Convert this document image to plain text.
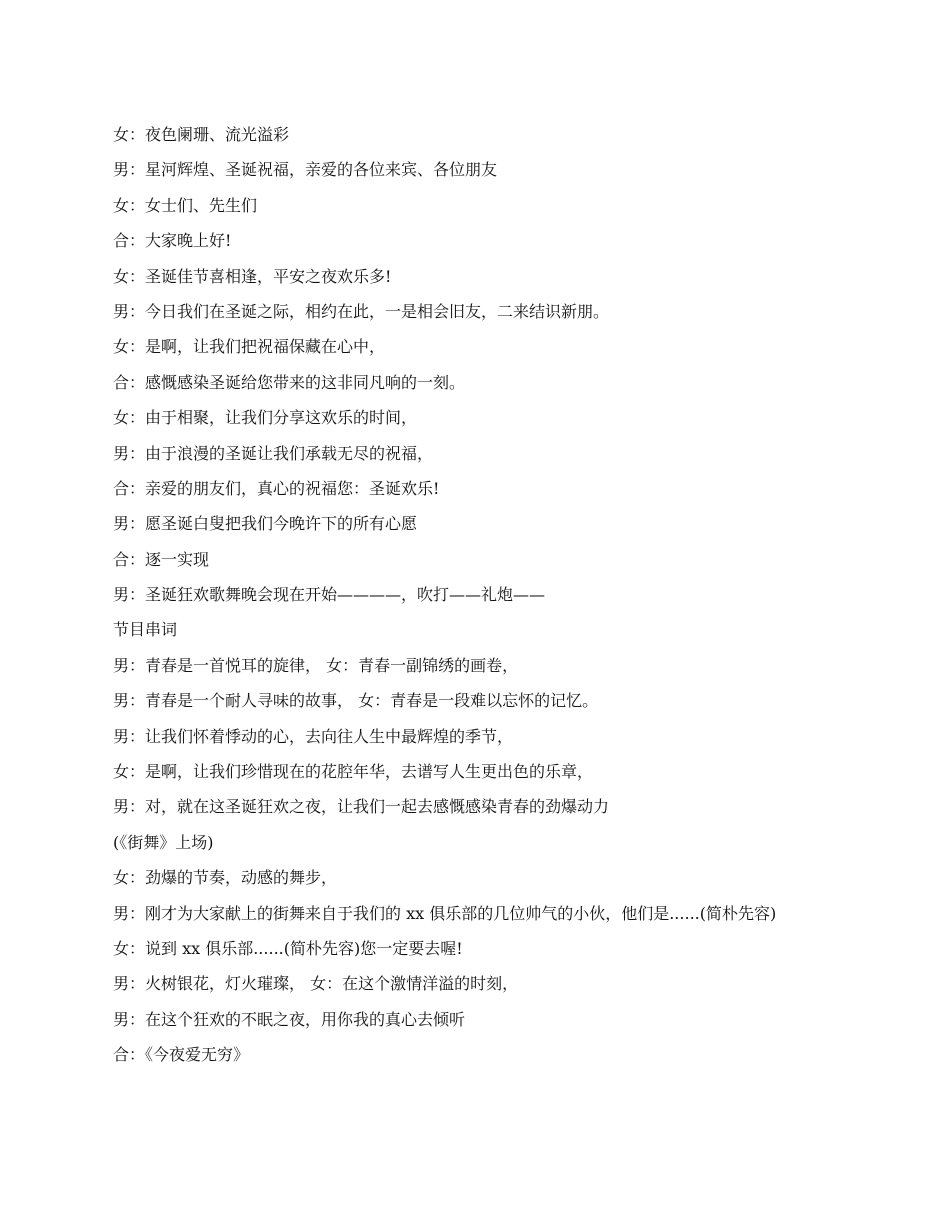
女：夜色阑珊、流光溢彩

男：星河辉煌、圣诞祝福，亲爱的各位来宾、各位朋友

女：女士们、先生们

合：大家晚上好!

女：圣诞佳节喜相逢，平安之夜欢乐多!

男：今日我们在圣诞之际，相约在此，一是相会旧友，二来结识新朋。

女：是啊，让我们把祝福保藏在心中，

合：感慨感染圣诞给您带来的这非同凡响的一刻。

女：由于相聚，让我们分享这欢乐的时间，

男：由于浪漫的圣诞让我们承载无尽的祝福，

合：亲爱的朋友们，真心的祝福您：圣诞欢乐!

男：愿圣诞白叟把我们今晚许下的所有心愿

合：逐一实现

男：圣诞狂欢歌舞晚会现在开始————，吹打——礼炮——

节目串词

男：青春是一首悦耳的旋律， 女：青春一副锦绣的画卷，

男：青春是一个耐人寻味的故事， 女：青春是一段难以忘怀的记忆。

男：让我们怀着悸动的心，去向往人生中最辉煌的季节，

女：是啊，让我们珍惜现在的花腔年华，去谱写人生更出色的乐章，

男：对，就在这圣诞狂欢之夜，让我们一起去感慨感染青春的劲爆动力

(《街舞》上场)

女：劲爆的节奏，动感的舞步，

男：刚才为大家献上的街舞来自于我们的 xx 俱乐部的几位帅气的小伙，他们是......(简朴先容)

女：说到 xx 俱乐部......(简朴先容)您一定要去喔!

男：火树银花，灯火璀璨， 女：在这个激情洋溢的时刻，

男：在这个狂欢的不眠之夜，用你我的真心去倾听

合：《今夜爱无穷》
